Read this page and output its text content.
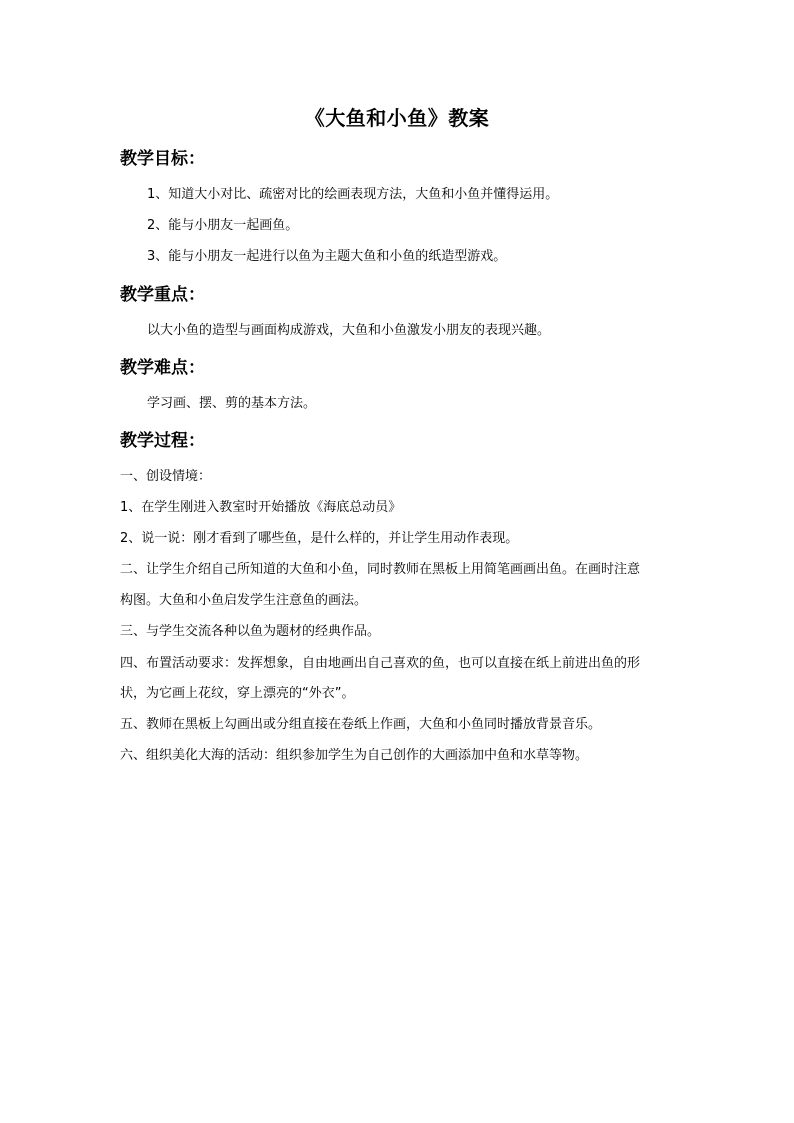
《大鱼和小鱼》教案
教学目标：
1、知道大小对比、疏密对比的绘画表现方法，大鱼和小鱼并懂得运用。
2、能与小朋友一起画鱼。
3、能与小朋友一起进行以鱼为主题大鱼和小鱼的纸造型游戏。
教学重点：
以大小鱼的造型与画面构成游戏，大鱼和小鱼激发小朋友的表现兴趣。
教学难点：
学习画、摆、剪的基本方法。
教学过程：
一、创设情境：
1、在学生刚进入教室时开始播放《海底总动员》
2、说一说：刚才看到了哪些鱼，是什么样的，并让学生用动作表现。
二、让学生介绍自己所知道的大鱼和小鱼，同时教师在黑板上用简笔画画出鱼。在画时注意
构图。大鱼和小鱼启发学生注意鱼的画法。
三、与学生交流各种以鱼为题材的经典作品。
四、布置活动要求：发挥想象，自由地画出自己喜欢的鱼，也可以直接在纸上前进出鱼的形
状，为它画上花纹，穿上漂亮的“外衣”。
五、教师在黑板上勾画出或分组直接在卷纸上作画，大鱼和小鱼同时播放背景音乐。
六、组织美化大海的活动：组织参加学生为自己创作的大画添加中鱼和水草等物。
